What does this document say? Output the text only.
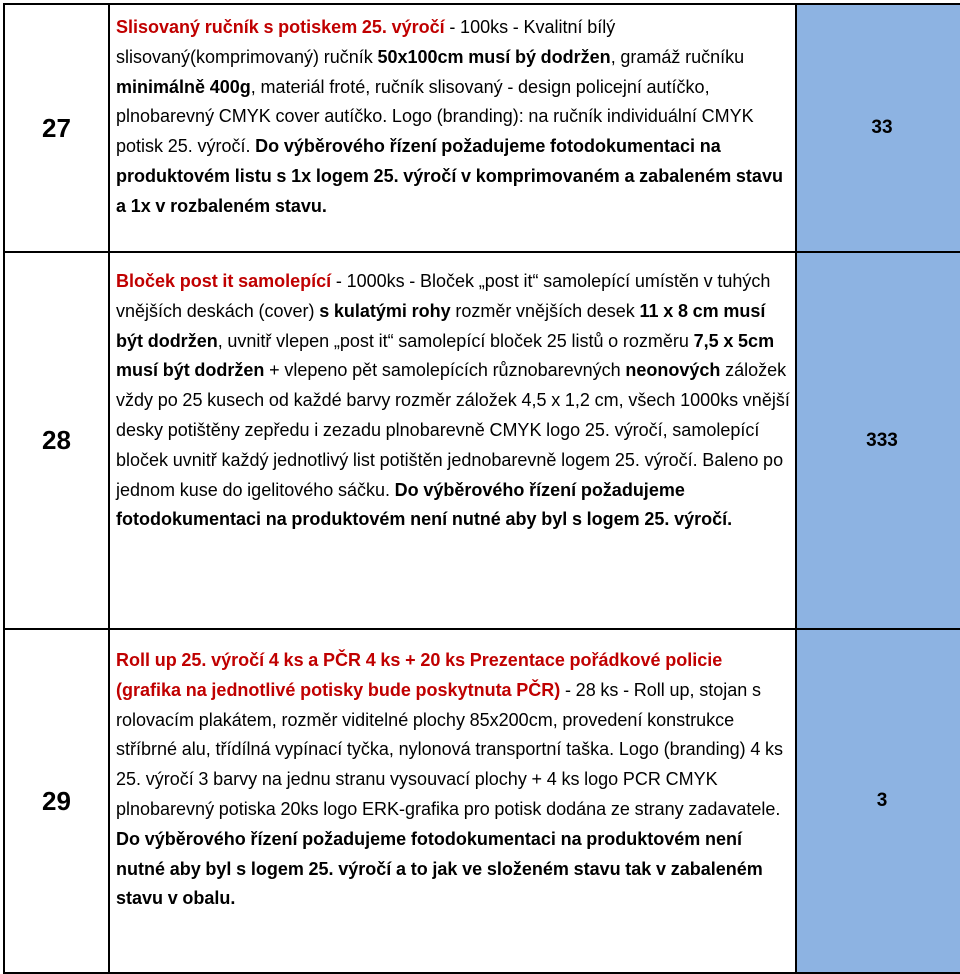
27	Slisovaný ručník s potiskem 25. výročí - 100ks - Kvalitní bílý slisovaný(komprimovaný) ručník 50x100cm musí bý dodržen, gramáž ručníku minimálně 400g, materiál froté, ručník slisovaný - design policejní autíčko, plnobarevný CMYK cover autíčko. Logo (branding): na ručník individuální CMYK potisk 25. výročí. Do výběrového řízení požadujeme fotodokumentaci na produktovém listu s 1x logem 25. výročí v komprimovaném a zabaleném stavu a 1x v rozbaleném stavu.	33
28	Bloček post it samolepící - 1000ks - Bloček „post it“ samolepící umístěn v tuhých vnějších deskách (cover) s kulatými rohy rozměr vnějších desek 11 x 8 cm musí být dodržen, uvnitř vlepen „post it“ samolepící bloček 25 listů o rozměru 7,5 x 5cm musí být dodržen + vlepeno pět samolepících různobarevných neonových záložek vždy po 25 kusech od každé barvy rozměr záložek 4,5 x 1,2 cm, všech 1000ks vnější desky potištěny zepředu i zezadu plnobarevně CMYK logo 25. výročí, samolepící bloček uvnitř každý jednotlivý list potištěn jednobarevně logem 25. výročí. Baleno po jednom kuse do igelitového sáčku. Do výběrového řízení požadujeme fotodokumentaci na produktovém není nutné aby byl s logem 25. výročí.	333
29	Roll up 25. výročí 4 ks a PČR 4 ks + 20 ks Prezentace pořádkové policie (grafika na jednotlivé potisky bude poskytnuta PČR) - 28 ks - Roll up, stojan s rolovacím plakátem, rozměr viditelné plochy 85x200cm, provedení konstrukce stříbrné alu, třídílná vypínací tyčka, nylonová transportní taška. Logo (branding) 4 ks 25. výročí 3 barvy na jednu stranu vysouvací plochy + 4 ks logo PCR CMYK plnobarevný potiska 20ks logo ERK-grafika pro potisk dodána ze strany zadavatele. Do výběrového řízení požadujeme fotodokumentaci na produktovém není nutné aby byl s logem 25. výročí a to jak ve složeném stavu tak v zabaleném stavu v obalu.	3
